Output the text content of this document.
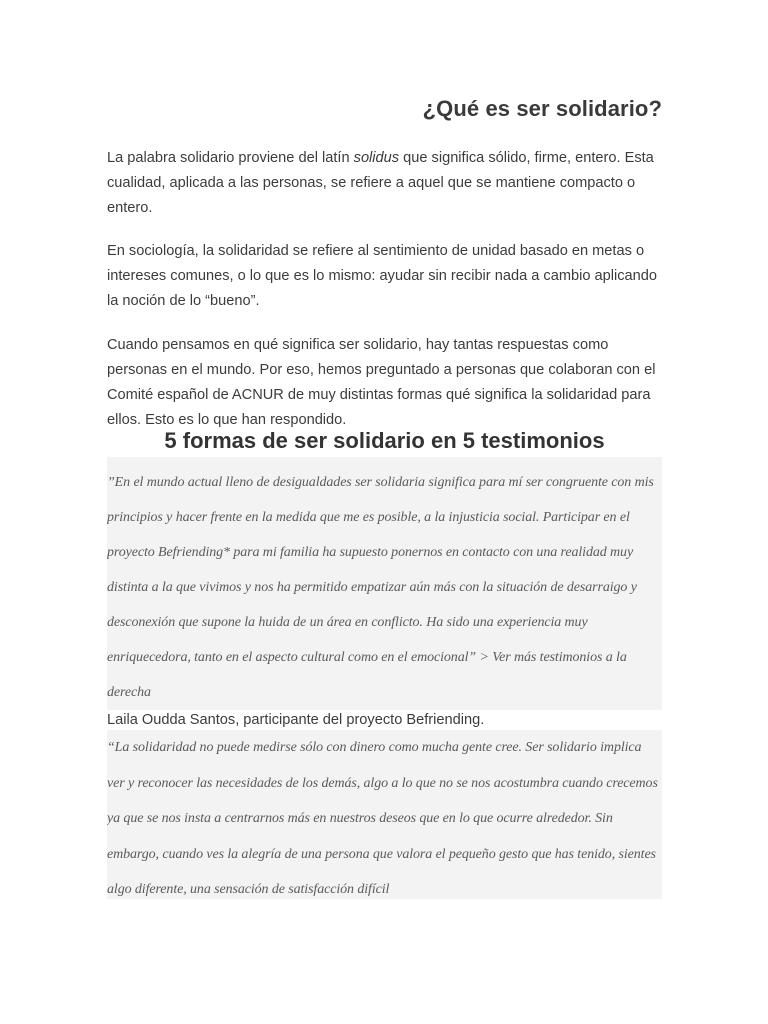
¿Qué es ser solidario?

La palabra solidario proviene del latín solidus que significa sólido, firme, entero. Esta cualidad, aplicada a las personas, se refiere a aquel que se mantiene compacto o entero.

En sociología, la solidaridad se refiere al sentimiento de unidad basado en metas o intereses comunes, o lo que es lo mismo: ayudar sin recibir nada a cambio aplicando la noción de lo “bueno”.

Cuando pensamos en qué significa ser solidario, hay tantas respuestas como personas en el mundo. Por eso, hemos preguntado a personas que colaboran con el Comité español de ACNUR de muy distintas formas qué significa la solidaridad para ellos. Esto es lo que han respondido.

5 formas de ser solidario en 5 testimonios

”En el mundo actual lleno de desigualdades ser solidaria significa para mí ser congruente con mis principios y hacer frente en la medida que me es posible, a la injusticia social. Participar en el proyecto Befriending* para mi familia ha supuesto ponernos en contacto con una realidad muy distinta a la que vivimos y nos ha permitido empatizar aún más con la situación de desarraigo y desconexión que supone la huida de un área en conflicto. Ha sido una experiencia muy enriquecedora, tanto en el aspecto cultural como en el emocional” > Ver más testimonios a la derecha

Laila Oudda Santos, participante del proyecto Befriending.

“La solidaridad no puede medirse sólo con dinero como mucha gente cree. Ser solidario implica ver y reconocer las necesidades de los demás, algo a lo que no se nos acostumbra cuando crecemos ya que se nos insta a centrarnos más en nuestros deseos que en lo que ocurre alrededor. Sin embargo, cuando ves la alegría de una persona que valora el pequeño gesto que has tenido, sientes algo diferente, una sensación de satisfacción difícil
